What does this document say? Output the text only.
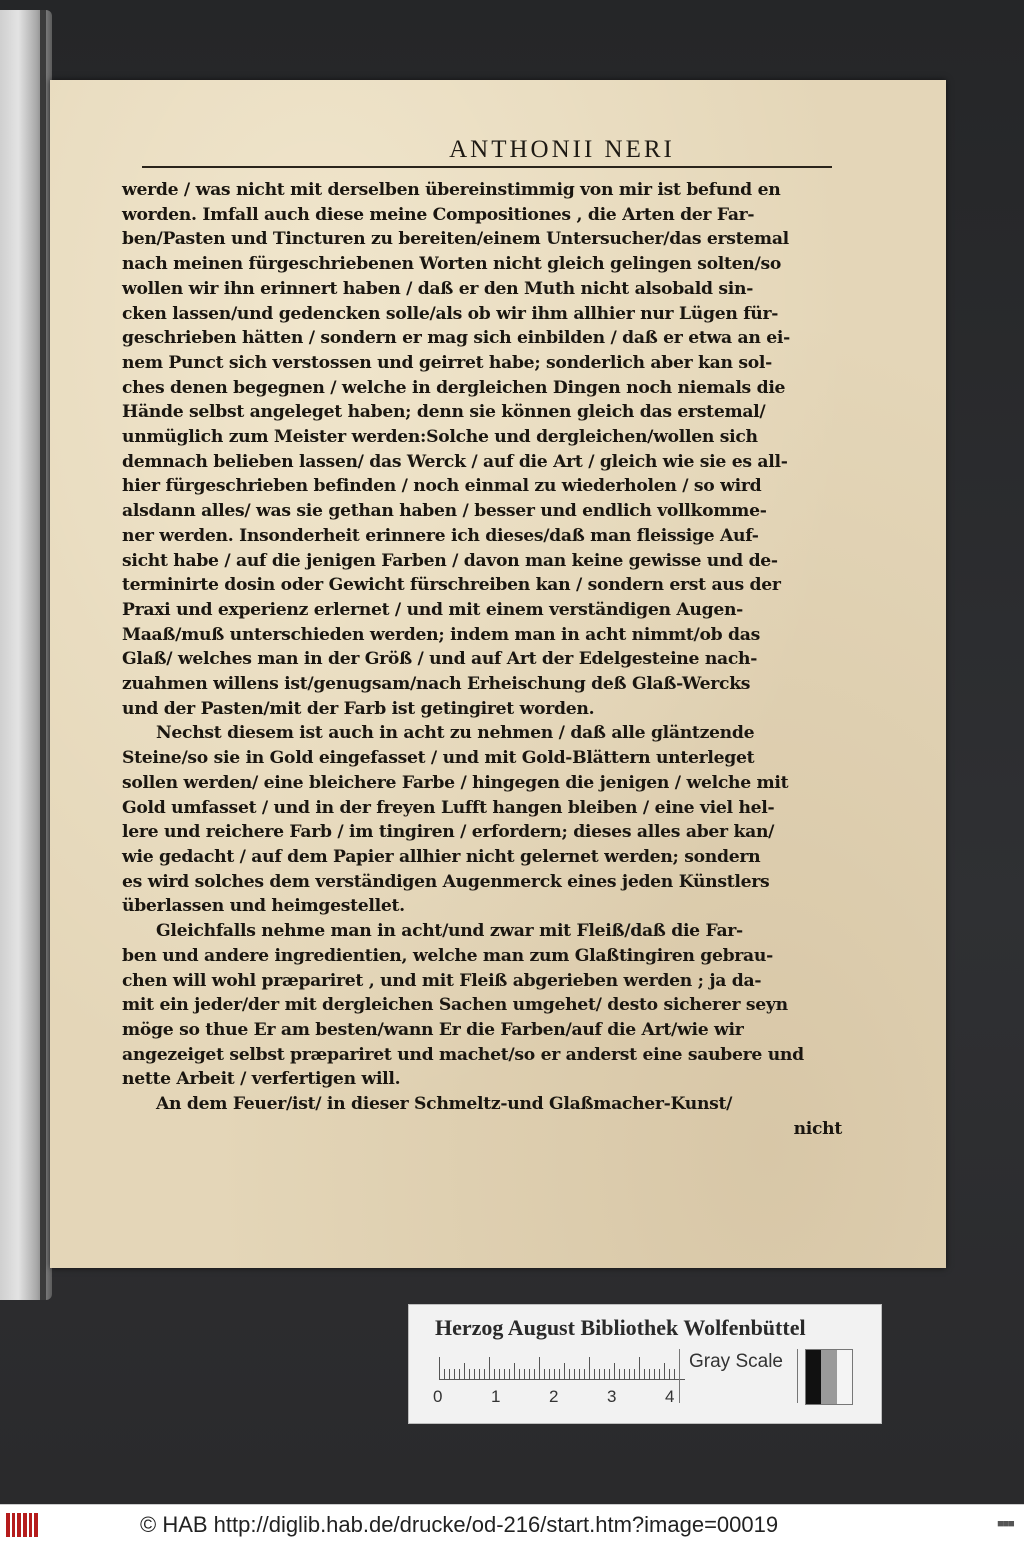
ANTHONII NERI
werde / was nicht mit derselben übereinstimmig von mir ist befund en
worden. Imfall auch diese meine Compositiones , die Arten der Far-
ben/Pasten und Tincturen zu bereiten/einem Untersucher/das erstemal
nach meinen fürgeschriebenen Worten nicht gleich gelingen solten/so
wollen wir ihn erinnert haben / daß er den Muth nicht alsobald sin-
cken lassen/und gedencken solle/als ob wir ihm allhier nur Lügen für-
geschrieben hätten / sondern er mag sich einbilden / daß er etwa an ei-
nem Punct sich verstossen und geirret habe; sonderlich aber kan sol-
ches denen begegnen / welche in dergleichen Dingen noch niemals die
Hände selbst angeleget haben; denn sie können gleich das erstemal/
unmüglich zum Meister werden:Solche und dergleichen/wollen sich
demnach belieben lassen/ das Werck / auf die Art / gleich wie sie es all-
hier fürgeschrieben befinden / noch einmal zu wiederholen / so wird
alsdann alles/ was sie gethan haben / besser und endlich vollkomme-
ner werden. Insonderheit erinnere ich dieses/daß man fleissige Auf-
sicht habe / auf die jenigen Farben / davon man keine gewisse und de-
terminirte dosin oder Gewicht fürschreiben kan / sondern erst aus der
Praxi und experienz erlernet / und mit einem verständigen Augen-
Maaß/muß unterschieden werden; indem man in acht nimmt/ob das
Glaß/ welches man in der Größ / und auf Art der Edelgesteine nach-
zuahmen willens ist/genugsam/nach Erheischung deß Glaß-Wercks
und der Pasten/mit der Farb ist getingiret worden.
Nechst diesem ist auch in acht zu nehmen / daß alle gläntzende
Steine/so sie in Gold eingefasset / und mit Gold-Blättern unterleget
sollen werden/ eine bleichere Farbe / hingegen die jenigen / welche mit
Gold umfasset / und in der freyen Lufft hangen bleiben / eine viel hel-
lere und reichere Farb / im tingiren / erfordern; dieses alles aber kan/
wie gedacht / auf dem Papier allhier nicht gelernet werden; sondern
es wird solches dem verständigen Augenmerck eines jeden Künstlers
überlassen und heimgestellet.
Gleichfalls nehme man in acht/und zwar mit Fleiß/daß die Far-
ben und andere ingredientien, welche man zum Glaßtingiren gebrau-
chen will wohl præpariret , und mit Fleiß abgerieben werden ; ja da-
mit ein jeder/der mit dergleichen Sachen umgehet/ desto sicherer seyn
möge so thue Er am besten/wann Er die Farben/auf die Art/wie wir
angezeiget selbst præpariret und machet/so er anderst eine saubere und
nette Arbeit / verfertigen will.
An dem Feuer/ist/ in dieser Schmeltz-und Glaßmacher-Kunst/
nicht
Herzog August Bibliothek Wolfenbüttel
0	1	2	3	4
Gray Scale
© HAB http://diglib.hab.de/drucke/od-216/start.htm?image=00019	■■■
